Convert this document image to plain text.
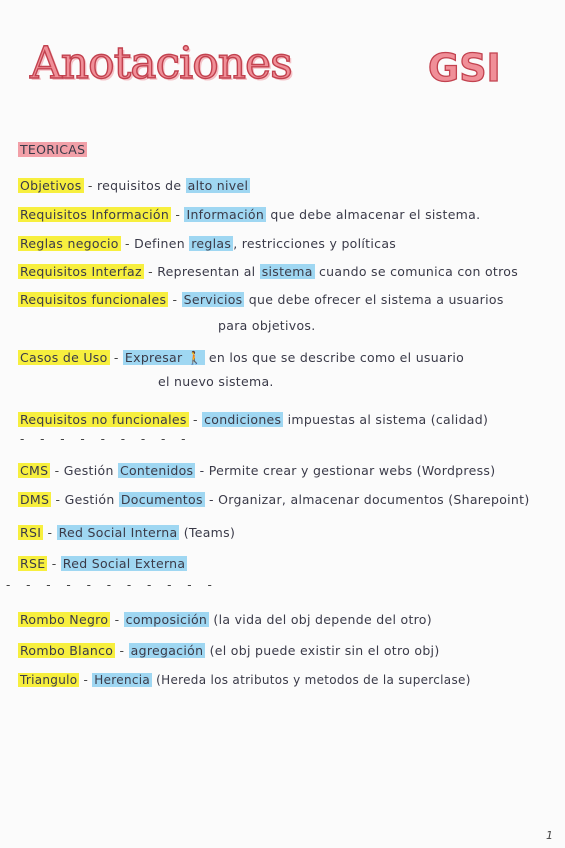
Anotaciones	GSI
TEORICAS
Objetivos - requisitos de alto nivel
Requisitos Información - Información que debe almacenar el sistema.
Reglas negocio - Definen reglas , restricciones y políticas
Requisitos Interfaz - Representan al sistema cuando se comunica con otros
Requisitos funcionales - Servicios que debe ofrecer el sistema a usuarios
para objetivos.
Casos de Uso - Expresar 🚶 en los que se describe como el usuario
el nuevo sistema.
Requisitos no funcionales - condiciones impuestas al sistema (calidad)
- - - - - - - - -
CMS - Gestión Contenidos - Permite crear y gestionar webs (Wordpress)
DMS - Gestión Documentos - Organizar, almacenar documentos (Sharepoint)
RSI - Red Social Interna (Teams)
RSE - Red Social Externa
- - - - - - - - - - -
Rombo Negro - composición (la vida del obj depende del otro)
Rombo Blanco - agregación (el obj puede existir sin el otro obj)
Triangulo - Herencia (Hereda los atributos y metodos de la superclase)
1
